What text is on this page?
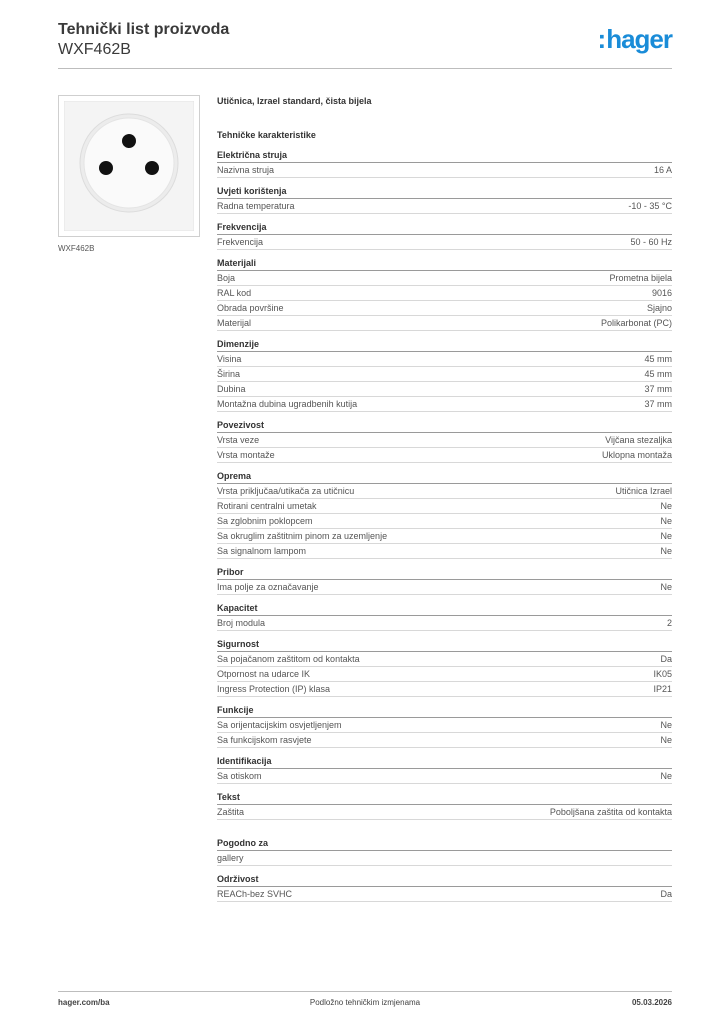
Tehnički list proizvoda
WXF462B	:hager
WXF462B
Utičnica, Izrael standard, čista bijela
Tehničke karakteristike
Električna struja
Nazivna struja	16 A
Uvjeti korištenja
Radna temperatura	-10 - 35 °C
Frekvencija
Frekvencija	50 - 60 Hz
Materijali
Boja	Prometna bijela
RAL kod	9016
Obrada površine	Sjajno
Materijal	Polikarbonat (PC)
Dimenzije
Visina	45 mm
Širina	45 mm
Dubina	37 mm
Montažna dubina ugradbenih kutija	37 mm
Povezivost
Vrsta veze	Vijčana stezaljka
Vrsta montaže	Uklopna montaža
Oprema
Vrsta priključaa/utikača za utičnicu	Utičnica Izrael
Rotirani centralni umetak	Ne
Sa zglobnim poklopcem	Ne
Sa okruglim zaštitnim pinom za uzemljenje	Ne
Sa signalnom lampom	Ne
Pribor
Ima polje za označavanje	Ne
Kapacitet
Broj modula	2
Sigurnost
Sa pojačanom zaštitom od kontakta	Da
Otpornost na udarce IK	IK05
Ingress Protection (IP) klasa	IP21
Funkcije
Sa orijentacijskim osvjetljenjem	Ne
Sa funkcijskom rasvjete	Ne
Identifikacija
Sa otiskom	Ne
Tekst
Zaštita	Poboljšana zaštita od kontakta
Pogodno za
gallery
Održivost
REACh-bez SVHC	Da
hager.com/ba	Podložno tehničkim izmjenama	05.03.2026
